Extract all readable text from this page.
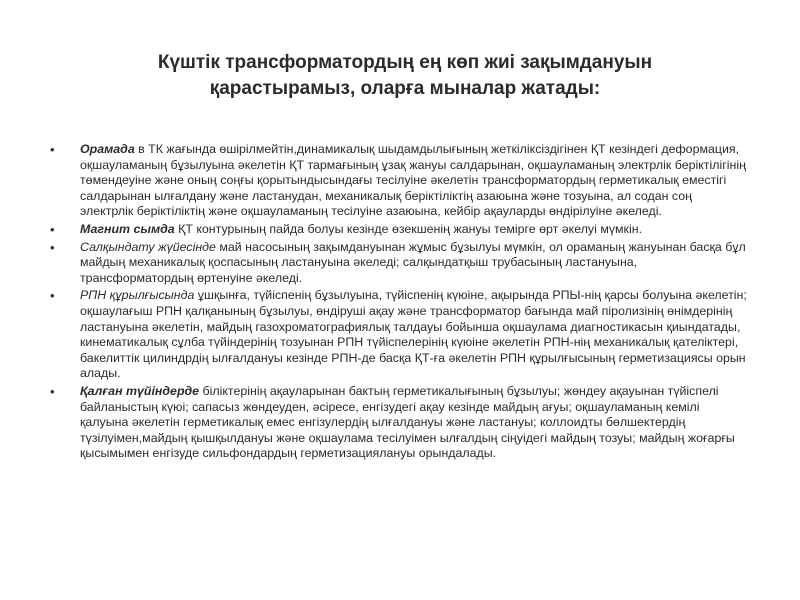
Күштік трансформатордың ең көп жиі зақымдануын
қарастырамыз, оларға мыналар жатады:
• Орамада в ТК жағында өшірілмейтін,динамикалық шыдамдылығының жеткіліксіздігінен ҚТ кезіндегі деформация, оқшауламаның бұзылуына әкелетін ҚТ тармағының ұзақ жануы салдарынан, оқшауламаның электрлік беріктілігінің төмендеуіне және оның соңғы қорытындысындағы тесілуіне әкелетін трансформатордың герметикалық еместігі салдарынан ылғалдану және ластанудан, механикалық беріктіліктің азаюына және тозуына, ал содан соң электрлік беріктіліктің және оқшауламаның тесілуіне азаюына, кейбір ақауларды өндірілуіне әкеледі.
• Магнит сымда ҚТ контурының пайда болуы кезінде өзекшенің жануы темірге өрт әкелуі мүмкін.
• Салқындату жүйесінде май насосының зақымдануынан жұмыс бұзылуы мүмкін, ол ораманың жануынан басқа бұл майдың механикалық қоспасының ластануына әкеледі; салқындатқыш трубасының ластануына, трансформатордың өртенуіне әкеледі.
• РПН құрылғысында ұшқынға, түйіспенің бұзылуына, түйіспенің күюіне, ақырында РПЫ-нің қарсы болуына әкелетін; оқшаулағыш РПН қалқанының бұзылуы, өндіруші ақау және трансформатор бағында май піролизінің өнімдерінің ластануына әкелетін, майдың газохроматографиялық талдауы бойынша оқшаулама диагностикасын қиындатады, кинематикалық сұлба түйіндерінің тозуынан РПН түйіспелерінің күюіне әкелетін РПН-нің механикалық қателіктері, бакелиттік цилиндрдің ылғалдануы кезінде РПН-де басқа ҚТ-ға әкелетін РПН құрылғысының герметизациясы орын алады.
• Қалған түйіндерде біліктерінің ақауларынан бактың герметикалығының бұзылуы; жөндеу ақауынан түйіспелі байланыстың күюі; сапасыз жөндеуден, әсіресе, енгізудегі ақау кезінде майдың ағуы; оқшауламаның кемілі қалуына әкелетін герметикалық емес енгізулердің ылғалдануы және ластануы; коллоидты бөлшектердің түзілуімен,майдың қышқылдануы және оқшаулама тесілуімен ылғалдың сіңуідегі майдың тозуы; майдың жоғарғы қысымымен енгізуде сильфондардың герметизациялануы орындалады.
